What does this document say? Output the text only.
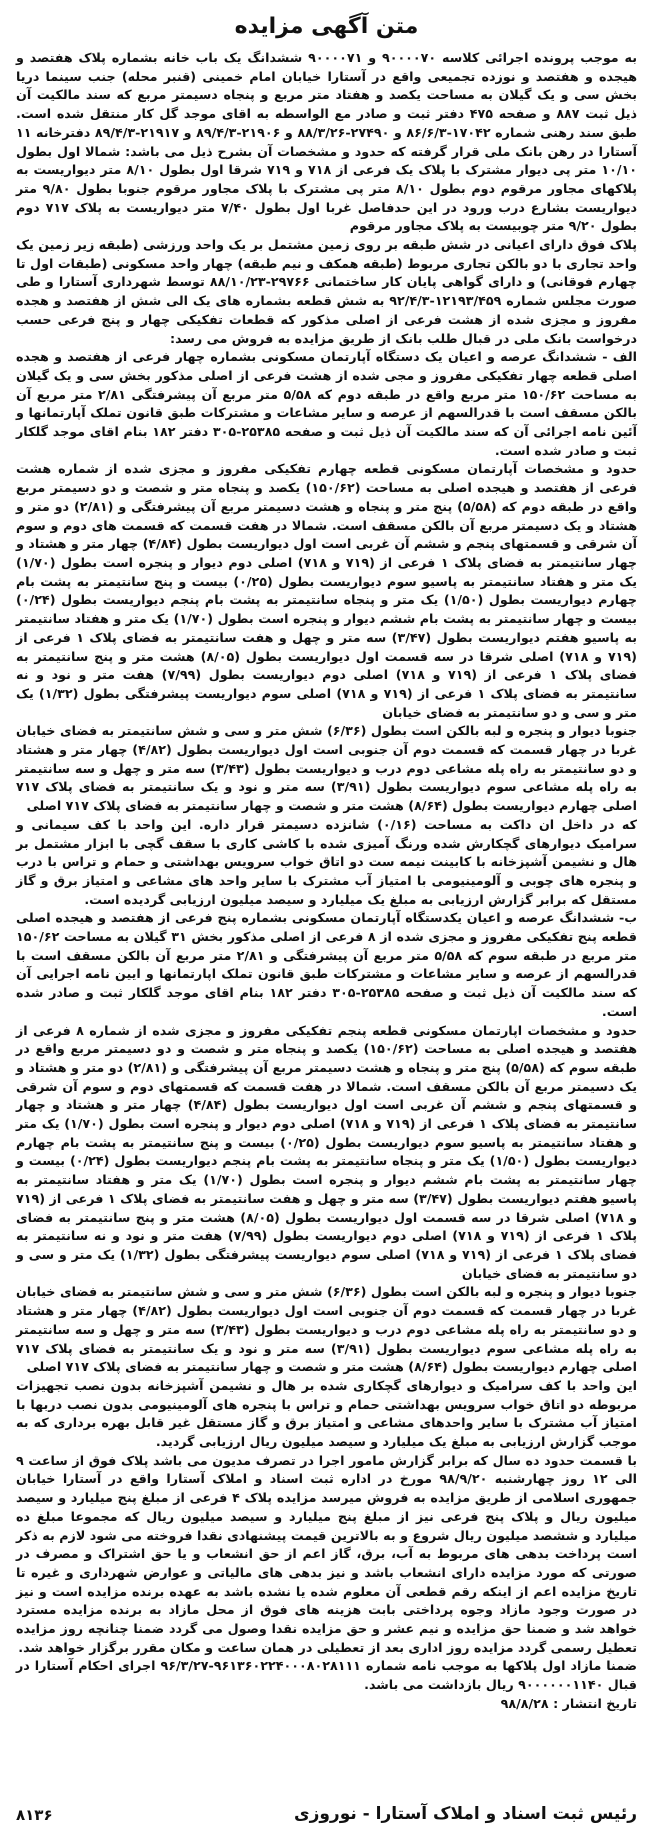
متن آگهی مزایده

به موجب پرونده اجرائی کلاسه ۹۰۰۰۰۷۰ و ۹۰۰۰۰۷۱ ششدانگ یک باب خانه بشماره پلاک هفتصد و هیجده و هفتصد و نوزده تجمیعی واقع در آستارا خیابان امام خمینی (قنبر محله) جنب سینما دریا بخش سی و یک گیلان به مساحت یکصد و هفتاد متر مربع و پنجاه دسیمتر مربع که سند مالکیت آن ذیل ثبت ۸۸۷ و صفحه ۴۷۵ دفتر ثبت و صادر مع الواسطه به اقای موجد گل کار منتقل شده است. طبق سند رهنی شماره ۱۷۰۴۲-۸۶/۶/۳ و ۲۷۴۹۰-۸۸/۳/۲۶ و ۲۱۹۰۶-۸۹/۴/۳ و ۲۱۹۱۷-۸۹/۴/۳ دفترخانه ۱۱ آستارا در رهن بانک ملی قرار گرفته که حدود و مشخصات آن بشرح ذیل می باشد: شمالا اول بطول ۱۰/۱۰ متر پی دیوار مشترک با پلاک یک فرعی از ۷۱۸ و ۷۱۹ شرقا اول بطول ۸/۱۰ متر دیواریست به پلاکهای مجاور مرقوم دوم بطول ۸/۱۰ متر پی مشترک با پلاک مجاور مرقوم جنوبا بطول ۹/۸۰ متر دیواریست بشارع درب ورود در این حدفاصل غربا اول بطول ۷/۴۰ متر دیواریست به پلاک ۷۱۷ دوم بطول ۹/۲۰ متر چوبیست به پلاک مجاور مرقوم

پلاک فوق دارای اعیانی در شش طبقه بر روی زمین مشتمل بر یک واحد ورزشی (طبقه زیر زمین یک واحد تجاری با دو بالکن تجاری مربوط (طبقه همکف و نیم طبقه) چهار واحد مسکونی (طبقات اول تا چهارم فوقانی) و دارای گواهی پایان کار ساختمانی ۲۹۷۶۶-۸۸/۱۰/۲۳ توسط شهرداری آستارا و طی صورت مجلس شماره ۱۲۱۹۳/۴۵۹-۹۲/۴/۳ به شش قطعه بشماره های یک الی شش از هفتصد و هجده مفروز و مجزی شده از هشت فرعی از اصلی مذکور که قطعات تفکیکی چهار و پنج فرعی حسب درخواست بانک ملی در قبال طلب بانک از طریق مزایده به فروش می رسد:

الف - ششدانگ عرصه و اعیان یک دستگاه آپارتمان مسکونی بشماره چهار فرعی از هفتصد و هجده اصلی قطعه چهار تفکیکی مفروز و مجی شده از هشت فرعی از اصلی مذکور بخش سی و یک گیلان به مساحت ۱۵۰/۶۲ متر مربع واقع در طبقه دوم که ۵/۵۸ متر مربع آن پیشرفتگی ۲/۸۱ متر مربع آن بالکن مسقف است با قدرالسهم از عرصه و سایر مشاعات و مشترکات طبق قانون تملک آپارتمانها و آئین نامه اجرائی آن که سند مالکیت آن ذیل ثبت و صفحه ۲۵۳۸۵-۳۰۵ دفتر ۱۸۲ بنام اقای موجد گلکار ثبت و صادر شده است.

حدود و مشخصات آپارتمان مسکونی قطعه چهارم تفکیکی مفروز و مجزی شده از شماره هشت فرعی از هفتصد و هیجده اصلی به مساحت (۱۵۰/۶۲) یکصد و پنجاه متر و شصت و دو دسیمتر مربع واقع در طبقه دوم که (۵/۵۸) پنج متر و پنجاه و هشت دسیمتر مربع آن پیشرفتگی و (۲/۸۱) دو متر و هشتاد و یک دسیمتر مربع آن بالکن مسقف است. شمالا در هفت قسمت که قسمت های دوم و سوم آن شرقی و قسمتهای پنجم و ششم آن غربی است اول دیواریست بطول (۴/۸۴) چهار متر و هشتاد و چهار سانتیمتر به فضای پلاک ۱ فرعی از (۷۱۹ و ۷۱۸) اصلی دوم دیوار و پنجره است بطول (۱/۷۰) یک متر و هفتاد سانتیمتر به پاسیو سوم دیواریست بطول (۰/۲۵) بیست و پنج سانتیمتر به پشت بام چهارم دیواریست بطول (۱/۵۰) یک متر و پنجاه سانتیمتر به پشت بام پنجم دیواریست بطول (۰/۲۴) بیست و چهار سانتیمتر به پشت بام ششم دیوار و پنجره است بطول (۱/۷۰) یک متر و هفتاد سانتیمتر به پاسیو هفتم دیواریست بطول (۳/۴۷) سه متر و چهل و هفت سانتیمتر به فضای پلاک ۱ فرعی از (۷۱۹ و ۷۱۸) اصلی شرقا در سه قسمت اول دیواریست بطول (۸/۰۵) هشت متر و پنج سانتیمتر به فضای پلاک ۱ فرعی از (۷۱۹ و ۷۱۸) اصلی دوم دیواریست بطول (۷/۹۹) هفت متر و نود و نه سانتیمتر به فضای پلاک ۱ فرعی از (۷۱۹ و ۷۱۸) اصلی سوم دیواریست پیشرفتگی بطول (۱/۳۲) یک متر و سی و دو سانتیمتر به فضای خیابان

جنوبا دیوار و پنجره و لبه بالکن است بطول (۶/۳۶) شش متر و سی و شش سانتیمتر به فضای خیابان غربا در چهار قسمت که قسمت دوم آن جنوبی است اول دیواریست بطول (۴/۸۲) چهار متر و هشتاد و دو سانتیمتر به راه پله مشاعی دوم درب و دیواریست بطول (۳/۴۳) سه متر و چهل و سه سانتیمتر به راه پله مشاعی سوم دیواریست بطول (۳/۹۱) سه متر و نود و یک سانتیمتر به فضای پلاک ۷۱۷ اصلی چهارم دیواریست بطول (۸/۶۴) هشت متر و شصت و چهار سانتیمتر به فضای پلاک ۷۱۷ اصلی

که در داخل ان داکت به مساحت (۰/۱۶) شانزده دسیمتر قرار داره. این واحد با کف سیمانی و سرامیک دیوارهای گچکارش شده ورنگ آمیزی شده با کاشی کاری با سقف گچی با ابزار مشتمل بر هال و نشیمن آشپزخانه با کابینت نیمه ست دو اتاق خواب سرویس بهداشتی و حمام و تراس با درب و پنجره های چوبی و آلومینیومی با امتیاز آب مشترک با سایر واحد های مشاعی و امتیاز برق و گاز مستقل که برابر گزارش ارزیابی به مبلغ یک میلیارد و سیصد میلیون ارزیابی گردیده است.

ب- ششدانگ عرصه و اعیان یکدستگاه آپارتمان مسکونی بشماره پنج فرعی از هفتصد و هیجده اصلی قطعه پنج تفکیکی مفروز و مجزی شده از ۸ فرعی از اصلی مذکور بخش ۳۱ گیلان به مساحت ۱۵۰/۶۲ متر مربع در طبقه سوم که ۵/۵۸ متر مربع آن پیشرفتگی و ۲/۸۱ متر مربع آن بالکن مسقف است با قدرالسهم از عرصه و سایر مشاعات و مشترکات طبق قانون تملک اپارتمانها و ایین نامه اجرایی آن که سند مالکیت آن ذیل ثبت و صفحه ۲۵۳۸۵-۳۰۵ دفتر ۱۸۲ بنام اقای موجد گلکار ثبت و صادر شده است.

حدود و مشخصات اپارتمان مسکونی قطعه پنجم تفکیکی مفروز و مجزی شده از شماره ۸ فرعی از هفتصد و هیجده اصلی به مساحت (۱۵۰/۶۲) یکصد و پنجاه متر و شصت و دو دسیمتر مربع واقع در طبقه سوم که (۵/۵۸) پنج متر و پنجاه و هشت دسیمتر مربع آن پیشرفتگی و (۲/۸۱) دو متر و هشتاد و یک دسیمتر مربع آن بالکن مسقف است. شمالا در هفت قسمت که قسمتهای دوم و سوم آن شرقی و قسمتهای پنجم و ششم آن غربی است اول دیواریست بطول (۴/۸۴) چهار متر و هشتاد و چهار سانتیمتر به فضای پلاک ۱ فرعی از (۷۱۹ و ۷۱۸) اصلی دوم دیوار و پنجره است بطول (۱/۷۰) یک متر و هفتاد سانتیمتر به پاسیو سوم دیواریست بطول (۰/۲۵) بیست و پنج سانتیمتر به پشت بام چهارم دیواریست بطول (۱/۵۰) یک متر و پنجاه سانتیمتر به پشت بام پنجم دیواریست بطول (۰/۲۴) بیست و چهار سانتیمتر به پشت بام ششم دیوار و پنجره است بطول (۱/۷۰) یک متر و هفتاد سانتیمتر به پاسیو هفتم دیواریست بطول (۳/۴۷) سه متر و چهل و هفت سانتیمتر به فضای پلاک ۱ فرعی از (۷۱۹ و ۷۱۸) اصلی شرقا در سه قسمت اول دیواریست بطول (۸/۰۵) هشت متر و پنج سانتیمتر به فضای پلاک ۱ فرعی از (۷۱۹ و ۷۱۸) اصلی دوم دیواریست بطول (۷/۹۹) هفت متر و نود و نه سانتیمتر به فضای پلاک ۱ فرعی از (۷۱۹ و ۷۱۸) اصلی سوم دیواریست پیشرفتگی بطول (۱/۳۲) یک متر و سی و دو سانتیمتر به فضای خیابان

جنوبا دیوار و پنجره و لبه بالکن است بطول (۶/۳۶) شش متر و سی و شش سانتیمتر به فضای خیابان غربا در چهار قسمت که قسمت دوم آن جنوبی است اول دیواریست بطول (۴/۸۲) چهار متر و هشتاد و دو سانتیمتر به راه پله مشاعی دوم درب و دیواریست بطول (۳/۴۳) سه متر و چهل و سه سانتیمتر به راه پله مشاعی سوم دیواریست بطول (۳/۹۱) سه متر و نود و یک سانتیمتر به فضای پلاک ۷۱۷ اصلی چهارم دیواریست بطول (۸/۶۴) هشت متر و شصت و چهار سانتیمتر به فضای پلاک ۷۱۷ اصلی

این واحد با کف سرامیک و دیوارهای گچکاری شده بر هال و نشیمن آشپزخانه بدون نصب تجهیزات مربوطه دو اتاق خواب سرویس بهداشتی حمام و تراس با پنجره های آلومینیومی بدون نصب دربها با امتیاز آب مشترک با سایر واحدهای مشاعی و امتیاز برق و گاز مستقل غیر قابل بهره برداری که به موجب گزارش ارزیابی به مبلغ یک میلیارد و سیصد میلیون ریال ارزیابی گردید.

با قسمت حدود ده سال که برابر گزارش مامور اجرا در تصرف مدیون می باشد پلاک فوق از ساعت ۹ الی ۱۲ روز چهارشنبه ۹۸/۹/۲۰ مورخ در اداره ثبت اسناد و املاک آستارا واقع در آستارا خیابان جمهوری اسلامی از طریق مزایده به فروش میرسد مزایده پلاک ۴ فرعی از مبلغ پنج میلیارد و سیصد میلیون ریال و پلاک پنج فرعی نیز از مبلغ پنج میلیارد و سیصد میلیون ریال که مجموعا مبلغ ده میلیارد و ششصد میلیون ریال شروع و به بالاترین قیمت پیشنهادی نقدا فروخته می شود لازم به ذکر است پرداخت بدهی های مربوط به آب، برق، گاز اعم از حق انشعاب و یا حق اشتراک و مصرف در صورتی که مورد مزایده دارای انشعاب باشد و نیز بدهی های مالیاتی و عوارض شهرداری و غیره تا تاریخ مزایده اعم از اینکه رقم قطعی آن معلوم شده یا نشده باشد به عهده برنده مزایده است و نیز در صورت وجود مازاد وجوه پرداختی بابت هزینه های فوق از محل مازاد به برنده مزایده مسترد خواهد شد و ضمنا حق مزایده و نیم عشر و حق مزایده نقدا وصول می گردد ضمنا چنانچه روز مزایده تعطیل رسمی گردد مزایده روز اداری بعد از تعطیلی در همان ساعت و مکان مقرر برگزار خواهد شد.

ضمنا مازاد اول پلاکها به موجب نامه شماره ۹۶۱۳۶۰۲۲۴۰۰۰۸۰۲۸۱۱۱-۹۶/۳/۲۷ اجرای احکام آستارا در قبال ۹۰۰۰۰۰۰۱۱۴۰ ریال بازداشت می باشد.

تاریخ انتشار : ۹۸/۸/۲۸

رئیس ثبت اسناد و املاک آستارا - نوروزی
۸۱۳۶
